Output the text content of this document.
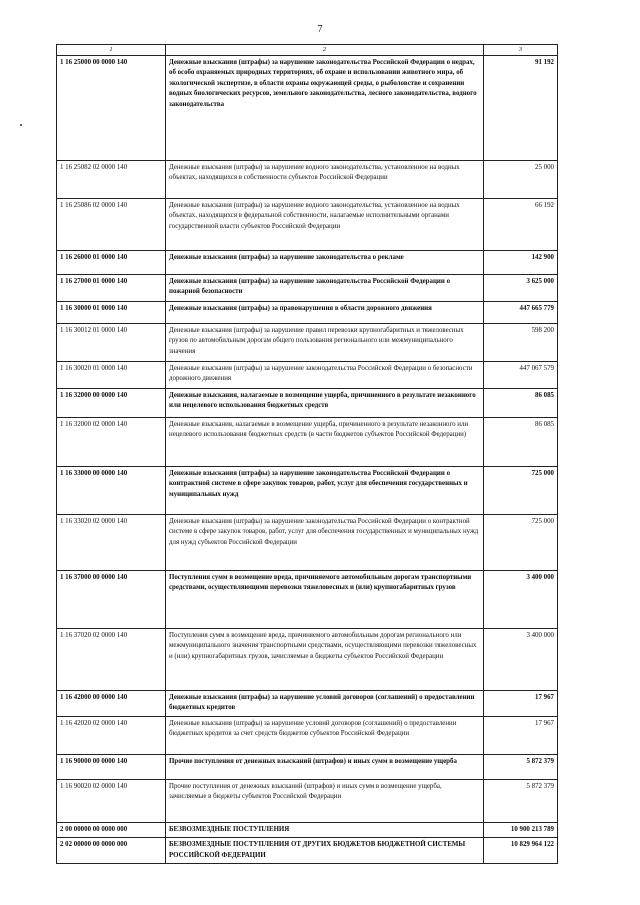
7
1	2	3
1 16 25000 00 0000 140	Денежные взыскания (штрафы) за нарушение законодательства Российской Федерации о недрах, об особо охраняемых природных территориях, об охране и использовании животного мира, об экологической экспертизе, в области охраны окружающей среды, о рыболовстве и сохранении водных биологических ресурсов, земельного законодательства, лесного законодательства, водного законодательства	91 192
1 16 25082 02 0000 140	Денежные взыскания (штрафы) за нарушение водного законодательства, установленное на водных объектах, находящихся в собственности субъектов Российской Федерации	25 000
1 16 25086 02 0000 140	Денежные взыскания (штрафы) за нарушение водного законодательства, установленное на водных объектах, находящихся в федеральной собственности, налагаемые исполнительными органами государственной власти субъектов Российской Федерации	66 192
1 16 26000 01 0000 140	Денежные взыскания (штрафы) за нарушение законодательства о рекламе	142 900
1 16 27000 01 0000 140	Денежные взыскания (штрафы) за нарушение законодательства Российской Федерации о пожарной безопасности	3 625 000
1 16 30000 01 0000 140	Денежные взыскания (штрафы) за правонарушения в области дорожного движения	447 665 779
1 16 30012 01 0000 140	Денежные взыскания (штрафы) за нарушение правил перевозки крупногабаритных и тяжеловесных грузов по автомобильным дорогам общего пользования регионального или межмуниципального значения	598 200
1 16 30020 01 0000 140	Денежные взыскания (штрафы) за нарушение законодательства Российской Федерации о безопасности дорожного движения	447 067 579
1 16 32000 00 0000 140	Денежные взыскания, налагаемые в возмещение ущерба, причиненного в результате незаконного или нецелевого использования бюджетных средств	86 085
1 16 32000 02 0000 140	Денежные взыскания, налагаемые в возмещение ущерба, причиненного в результате незаконного или нецелевого использования бюджетных средств (в части бюджетов субъектов Российской Федерации)	86 085
1 16 33000 00 0000 140	Денежные взыскания (штрафы) за нарушение законодательства Российской Федерации о контрактной системе в сфере закупок товаров, работ, услуг для обеспечения государственных и муниципальных нужд	725 000
1 16 33020 02 0000 140	Денежные взыскания (штрафы) за нарушение законодательства Российской Федерации о контрактной системе в сфере закупок товаров, работ, услуг для обеспечения государственных и муниципальных нужд для нужд субъектов Российской Федерации	725 000
1 16 37000 00 0000 140	Поступления сумм в возмещение вреда, причиняемого автомобильным дорогам транспортными средствами, осуществляющими перевозки тяжеловесных и (или) крупногабаритных грузов	3 400 000
1 16 37020 02 0000 140	Поступления сумм в возмещение вреда, причиняемого автомобильным дорогам регионального или межмуниципального значения транспортными средствами, осуществляющими перевозки тяжеловесных и (или) крупногабаритных грузов, зачисляемые в бюджеты субъектов Российской Федерации	3 400 000
1 16 42000 00 0000 140	Денежные взыскания (штрафы) за нарушение условий договоров (соглашений) о предоставлении бюджетных кредитов	17 967
1 16 42020 02 0000 140	Денежные взыскания (штрафы) за нарушение условий договоров (соглашений) о предоставлении бюджетных кредитов за счет средств бюджетов субъектов Российской Федерации	17 967
1 16 90000 00 0000 140	Прочие поступления от денежных взысканий (штрафов) и иных сумм в возмещение ущерба	5 872 379
1 16 90020 02 0000 140	Прочие поступления от денежных взысканий (штрафов) и иных сумм в возмещение ущерба, зачисляемые в бюджеты субъектов Российской Федерации	5 872 379
2 00 00000 00 0000 000	БЕЗВОЗМЕЗДНЫЕ ПОСТУПЛЕНИЯ	10 900 213 789
2 02 00000 00 0000 000	БЕЗВОЗМЕЗДНЫЕ ПОСТУПЛЕНИЯ ОТ ДРУГИХ БЮДЖЕТОВ БЮДЖЕТНОЙ СИСТЕМЫ РОССИЙСКОЙ ФЕДЕРАЦИИ	10 829 964 122
